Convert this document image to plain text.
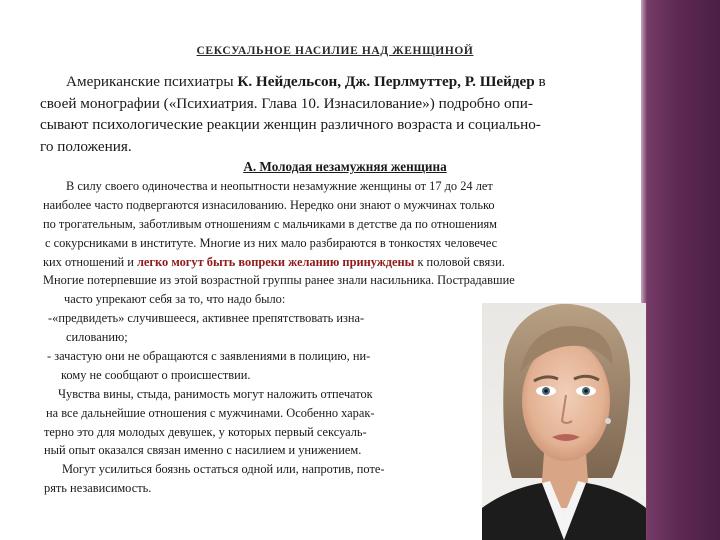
СЕКСУАЛЬНОЕ НАСИЛИЕ НАД ЖЕНЩИНОЙ

Американские психиатры К. Нейдельсон, Дж. Перлмуттер, Р. Шейдер в

своей монографии («Психиатрия. Глава 10. Изнасилование») подробно опи-

сывают психологические реакции женщин различного возраста и социально-

го положения.

А. Молодая незамужняя женщина
В силу своего одиночества и неопытности незамужние женщины от 17 до 24 лет
наиболее часто подвергаются изнасилованию. Нередко они знают о мужчинах только
по трогательным, заботливым отношениям с мальчиками в детстве да по отношениям
с сокурсниками в институте. Многие из них мало разбираются в тонкостях человечес
ких отношений и легко могут быть вопреки желанию принуждены к половой связи.
Многие потерпевшие из этой возрастной группы ранее знали насильника. Пострадавшие
часто упрекают себя за то, что надо было:
-«предвидеть» случившееся, активнее препятствовать изна-
силованию;
- зачастую они не обращаются с заявлениями в полицию, ни-
кому не сообщают о происшествии.
Чувства вины, стыда, ранимость могут наложить отпечаток
на все дальнейшие отношения с мужчинами. Особенно харак-
терно это для молодых девушек, у которых первый сексуаль-
ный опыт оказался связан именно с насилием и унижением.
Могут усилиться боязнь остаться одной или, напротив, поте-
рять независимость.
